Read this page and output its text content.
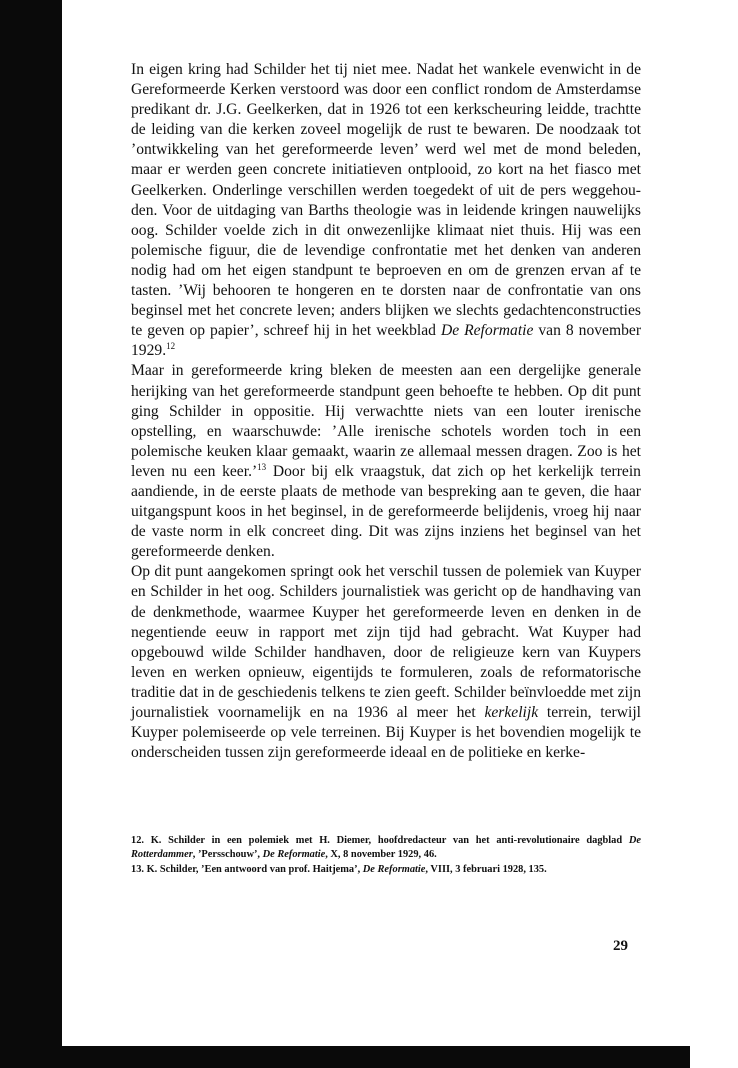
In eigen kring had Schilder het tij niet mee. Nadat het wankele evenwicht in de Gereformeerde Kerken verstoord was door een conflict rondom de Amsterdamse predikant dr. J.G. Geelkerken, dat in 1926 tot een kerkscheuring leidde, trachtte de leiding van die kerken zoveel mogelijk de rust te bewaren. De noodzaak tot ’ontwikkeling van het gereformeerde leven’ werd wel met de mond beleden, maar er werden geen concrete initiatieven ontplooid, zo kort na het fiasco met Geelkerken. Onderlinge verschillen werden toegedekt of uit de pers weggehouden. Voor de uitdaging van Barths theologie was in leidende kringen nauwelijks oog. Schilder voelde zich in dit onwezenlijke klimaat niet thuis. Hij was een polemische figuur, die de levendige confrontatie met het denken van anderen nodig had om het eigen standpunt te beproeven en om de grenzen ervan af te tasten. ’Wij behooren te hongeren en te dorsten naar de confrontatie van ons beginsel met het concrete leven; anders blijken we slechts gedachtenconstructies te geven op papier’, schreef hij in het weekblad De Reformatie van 8 november 1929.12

Maar in gereformeerde kring bleken de meesten aan een dergelijke generale herijking van het gereformeerde standpunt geen behoefte te hebben. Op dit punt ging Schilder in oppositie. Hij verwachtte niets van een louter irenische opstelling, en waarschuwde: ’Alle irenische schotels worden toch in een polemische keuken klaar gemaakt, waarin ze allemaal messen dragen. Zoo is het leven nu een keer.’$^{13}$ Door bij elk vraagstuk, dat zich op het kerkelijk terrein aandiende, in de eerste plaats de methode van bespreking aan te geven, die haar uitgangspunt koos in het beginsel, in de gereformeerde belijdenis, vroeg hij naar de vaste norm in elk concreet ding. Dit was zijns inziens het beginsel van het gereformeerde denken.

Op dit punt aangekomen springt ook het verschil tussen de polemiek van Kuyper en Schilder in het oog. Schilders journalistiek was gericht op de handhaving van de denkmethode, waarmee Kuyper het gereformeerde leven en denken in de negentiende eeuw in rapport met zijn tijd had gebracht. Wat Kuyper had opgebouwd wilde Schilder handhaven, door de religieuze kern van Kuypers leven en werken opnieuw, eigentijds te formuleren, zoals de reformatorische traditie dat in de geschiedenis telkens te zien geeft. Schilder beïnvloedde met zijn journalistiek voornamelijk en na 1936 al meer het kerkelijk terrein, terwijl Kuyper polemiseerde op vele terreinen. Bij Kuyper is het bovendien mogelijk te onderscheiden tussen zijn gereformeerde ideaal en de politieke en kerke-

12. K. Schilder in een polemiek met H. Diemer, hoofdredacteur van het anti-revolutionaire dagblad De Rotterdammer, ’Persschouw’, De Reformatie, X, 8 november 1929, 46.

13. K. Schilder, ’Een antwoord van prof. Haitjema’, De Reformatie, VIII, 3 februari 1928, 135.

29
